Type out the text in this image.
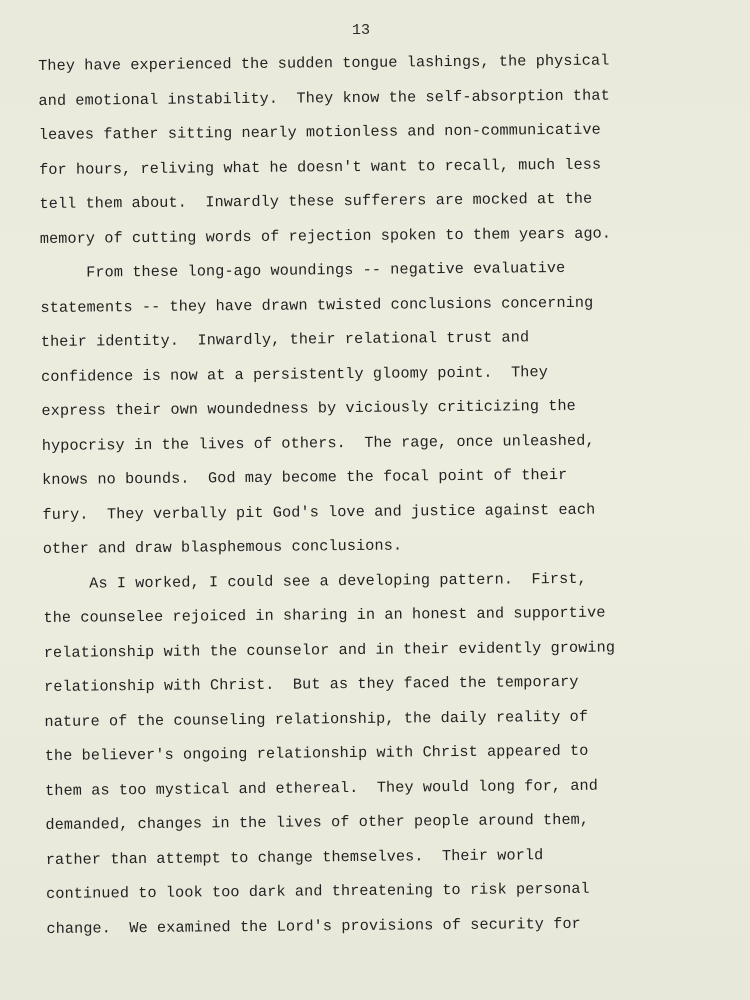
13
They have experienced the sudden tongue lashings, the physical
and emotional instability.  They know the self-absorption that
leaves father sitting nearly motionless and non-communicative
for hours, reliving what he doesn't want to recall, much less
tell them about.  Inwardly these sufferers are mocked at the
memory of cutting words of rejection spoken to them years ago.
From these long-ago woundings -- negative evaluative
statements -- they have drawn twisted conclusions concerning
their identity.  Inwardly, their relational trust and
confidence is now at a persistently gloomy point.  They
express their own woundedness by viciously criticizing the
hypocrisy in the lives of others.  The rage, once unleashed,
knows no bounds.  God may become the focal point of their
fury.  They verbally pit God's love and justice against each
other and draw blasphemous conclusions.
As I worked, I could see a developing pattern.  First,
the counselee rejoiced in sharing in an honest and supportive
relationship with the counselor and in their evidently growing
relationship with Christ.  But as they faced the temporary
nature of the counseling relationship, the daily reality of
the believer's ongoing relationship with Christ appeared to
them as too mystical and ethereal.  They would long for, and
demanded, changes in the lives of other people around them,
rather than attempt to change themselves.  Their world
continued to look too dark and threatening to risk personal
change.  We examined the Lord's provisions of security for
